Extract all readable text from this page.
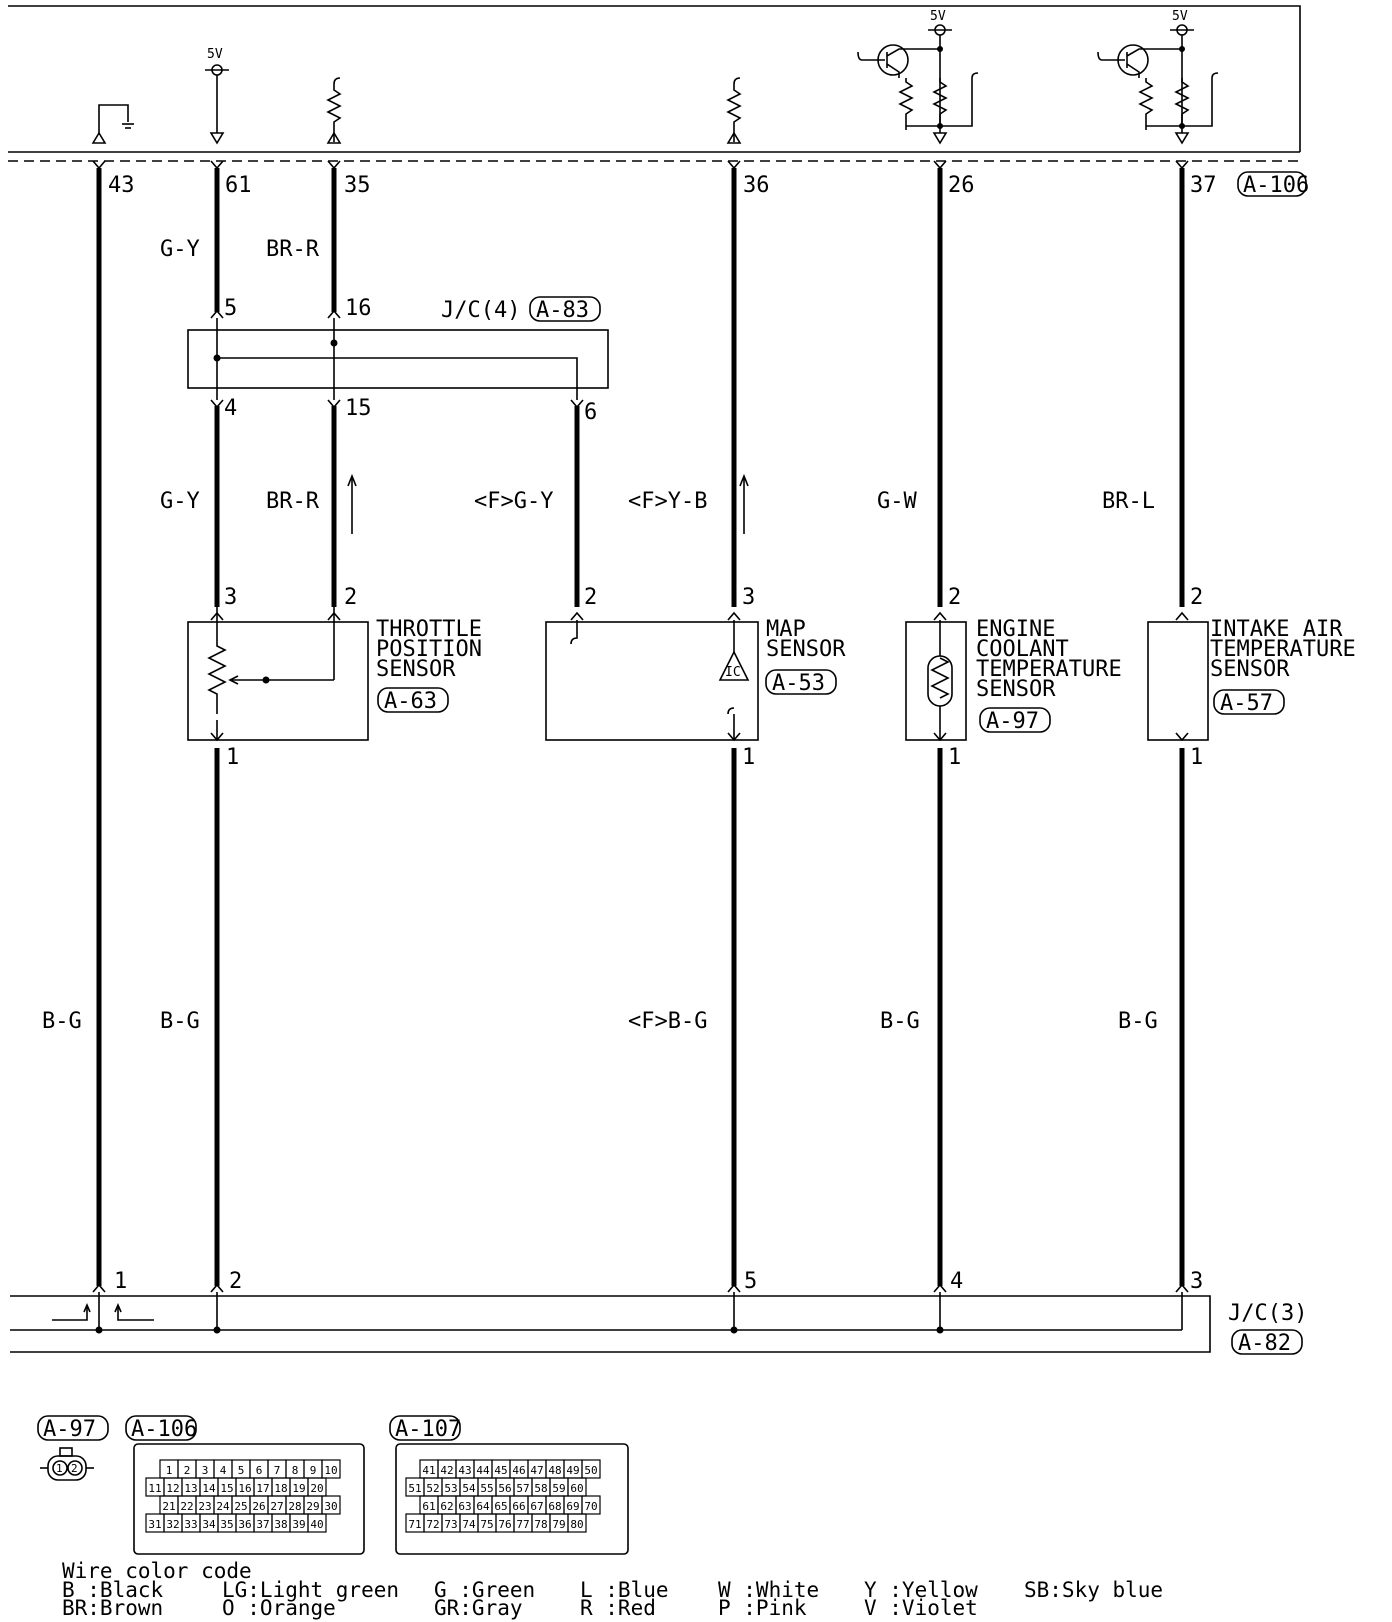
5V
5V	5V
43	61	35	36	26	37 A-106
G-Y	BR-R
5	16	J/C(4) A-83
4	15	6
G-Y	BR-R	<F>G-Y	<F>Y-B	G-W	BR-L
3	2
1
THROTTLE
POSITION
SENSOR
A-63
IC
2	3
1
MAP
SENSOR
A-53
2
1
ENGINE
COOLANT
TEMPERATURE
SENSOR
A-97
2
1
INTAKE AIR
TEMPERATURE
SENSOR
A-57
B-G	B-G	<F>B-G	B-G	B-G
1	2	5	4	3
J/C(3)
A-82
A-97
1 2
A-106
1 2 3 4 5 6 7 8 9 10
11 12 13 14 15 16 17 18 19 20
21 22 23 24 25 26 27 28 29 30
31 32 33 34 35 36 37 38 39 40
A-107
41 42 43 44 45 46 47 48 49 50
51 52 53 54 55 56 57 58 59 60
61 62 63 64 65 66 67 68 69 70
71 72 73 74 75 76 77 78 79 80
Wire color code
B :Black
BR:Brown
LG:Light green
O :Orange
G :Green
GR:Gray
L :Blue
R :Red
W :White
P :Pink
Y :Yellow
V :Violet
SB:Sky blue
